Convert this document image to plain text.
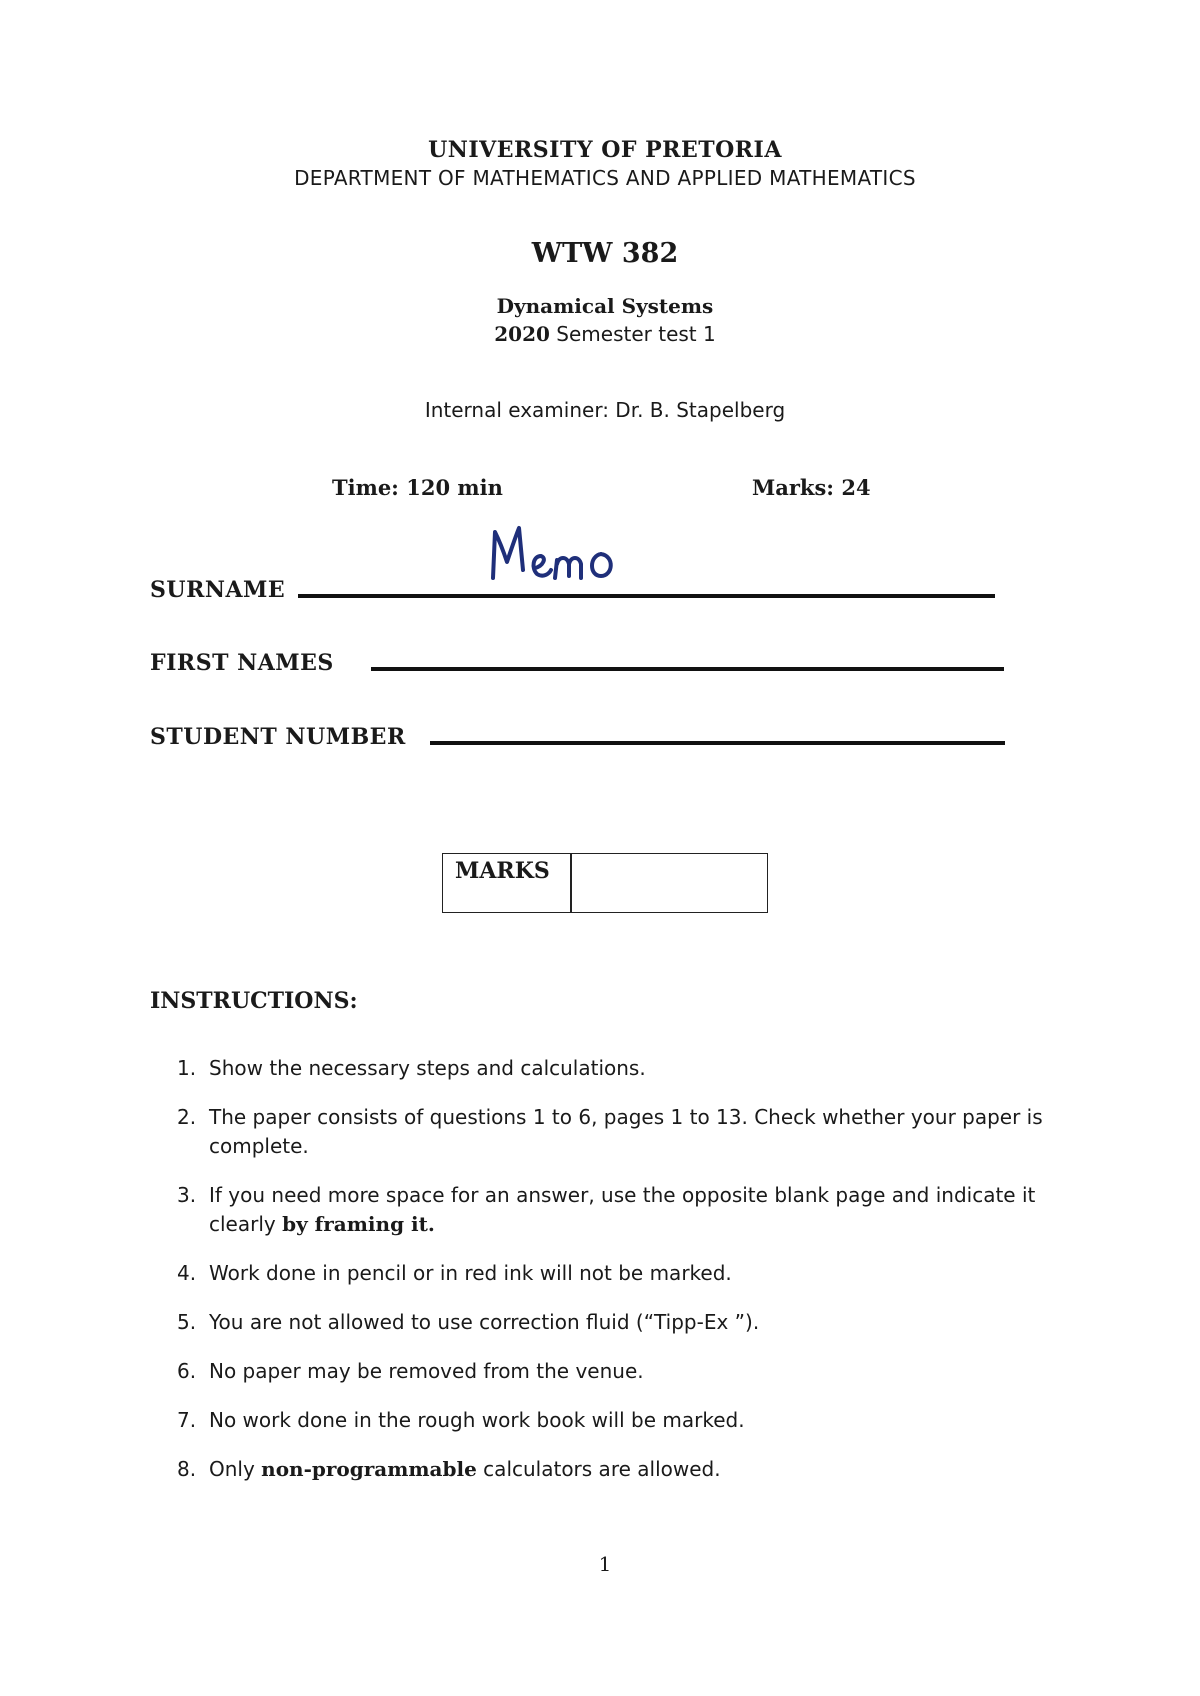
UNIVERSITY OF PRETORIA
DEPARTMENT OF MATHEMATICS AND APPLIED MATHEMATICS
WTW 382
Dynamical Systems
2020 Semester test 1
Internal examiner: Dr. B. Stapelberg
Time: 120 min	Marks: 24
SURNAME
FIRST NAMES
STUDENT NUMBER
MARKS
INSTRUCTIONS:
1. Show the necessary steps and calculations.
2. The paper consists of questions 1 to 6, pages 1 to 13. Check whether your paper is complete.
3. If you need more space for an answer, use the opposite blank page and indicate it clearly by framing it.
4. Work done in pencil or in red ink will not be marked.
5. You are not allowed to use correction fluid (“Tipp-Ex ”).
6. No paper may be removed from the venue.
7. No work done in the rough work book will be marked.
8. Only non-programmable calculators are allowed.
1
